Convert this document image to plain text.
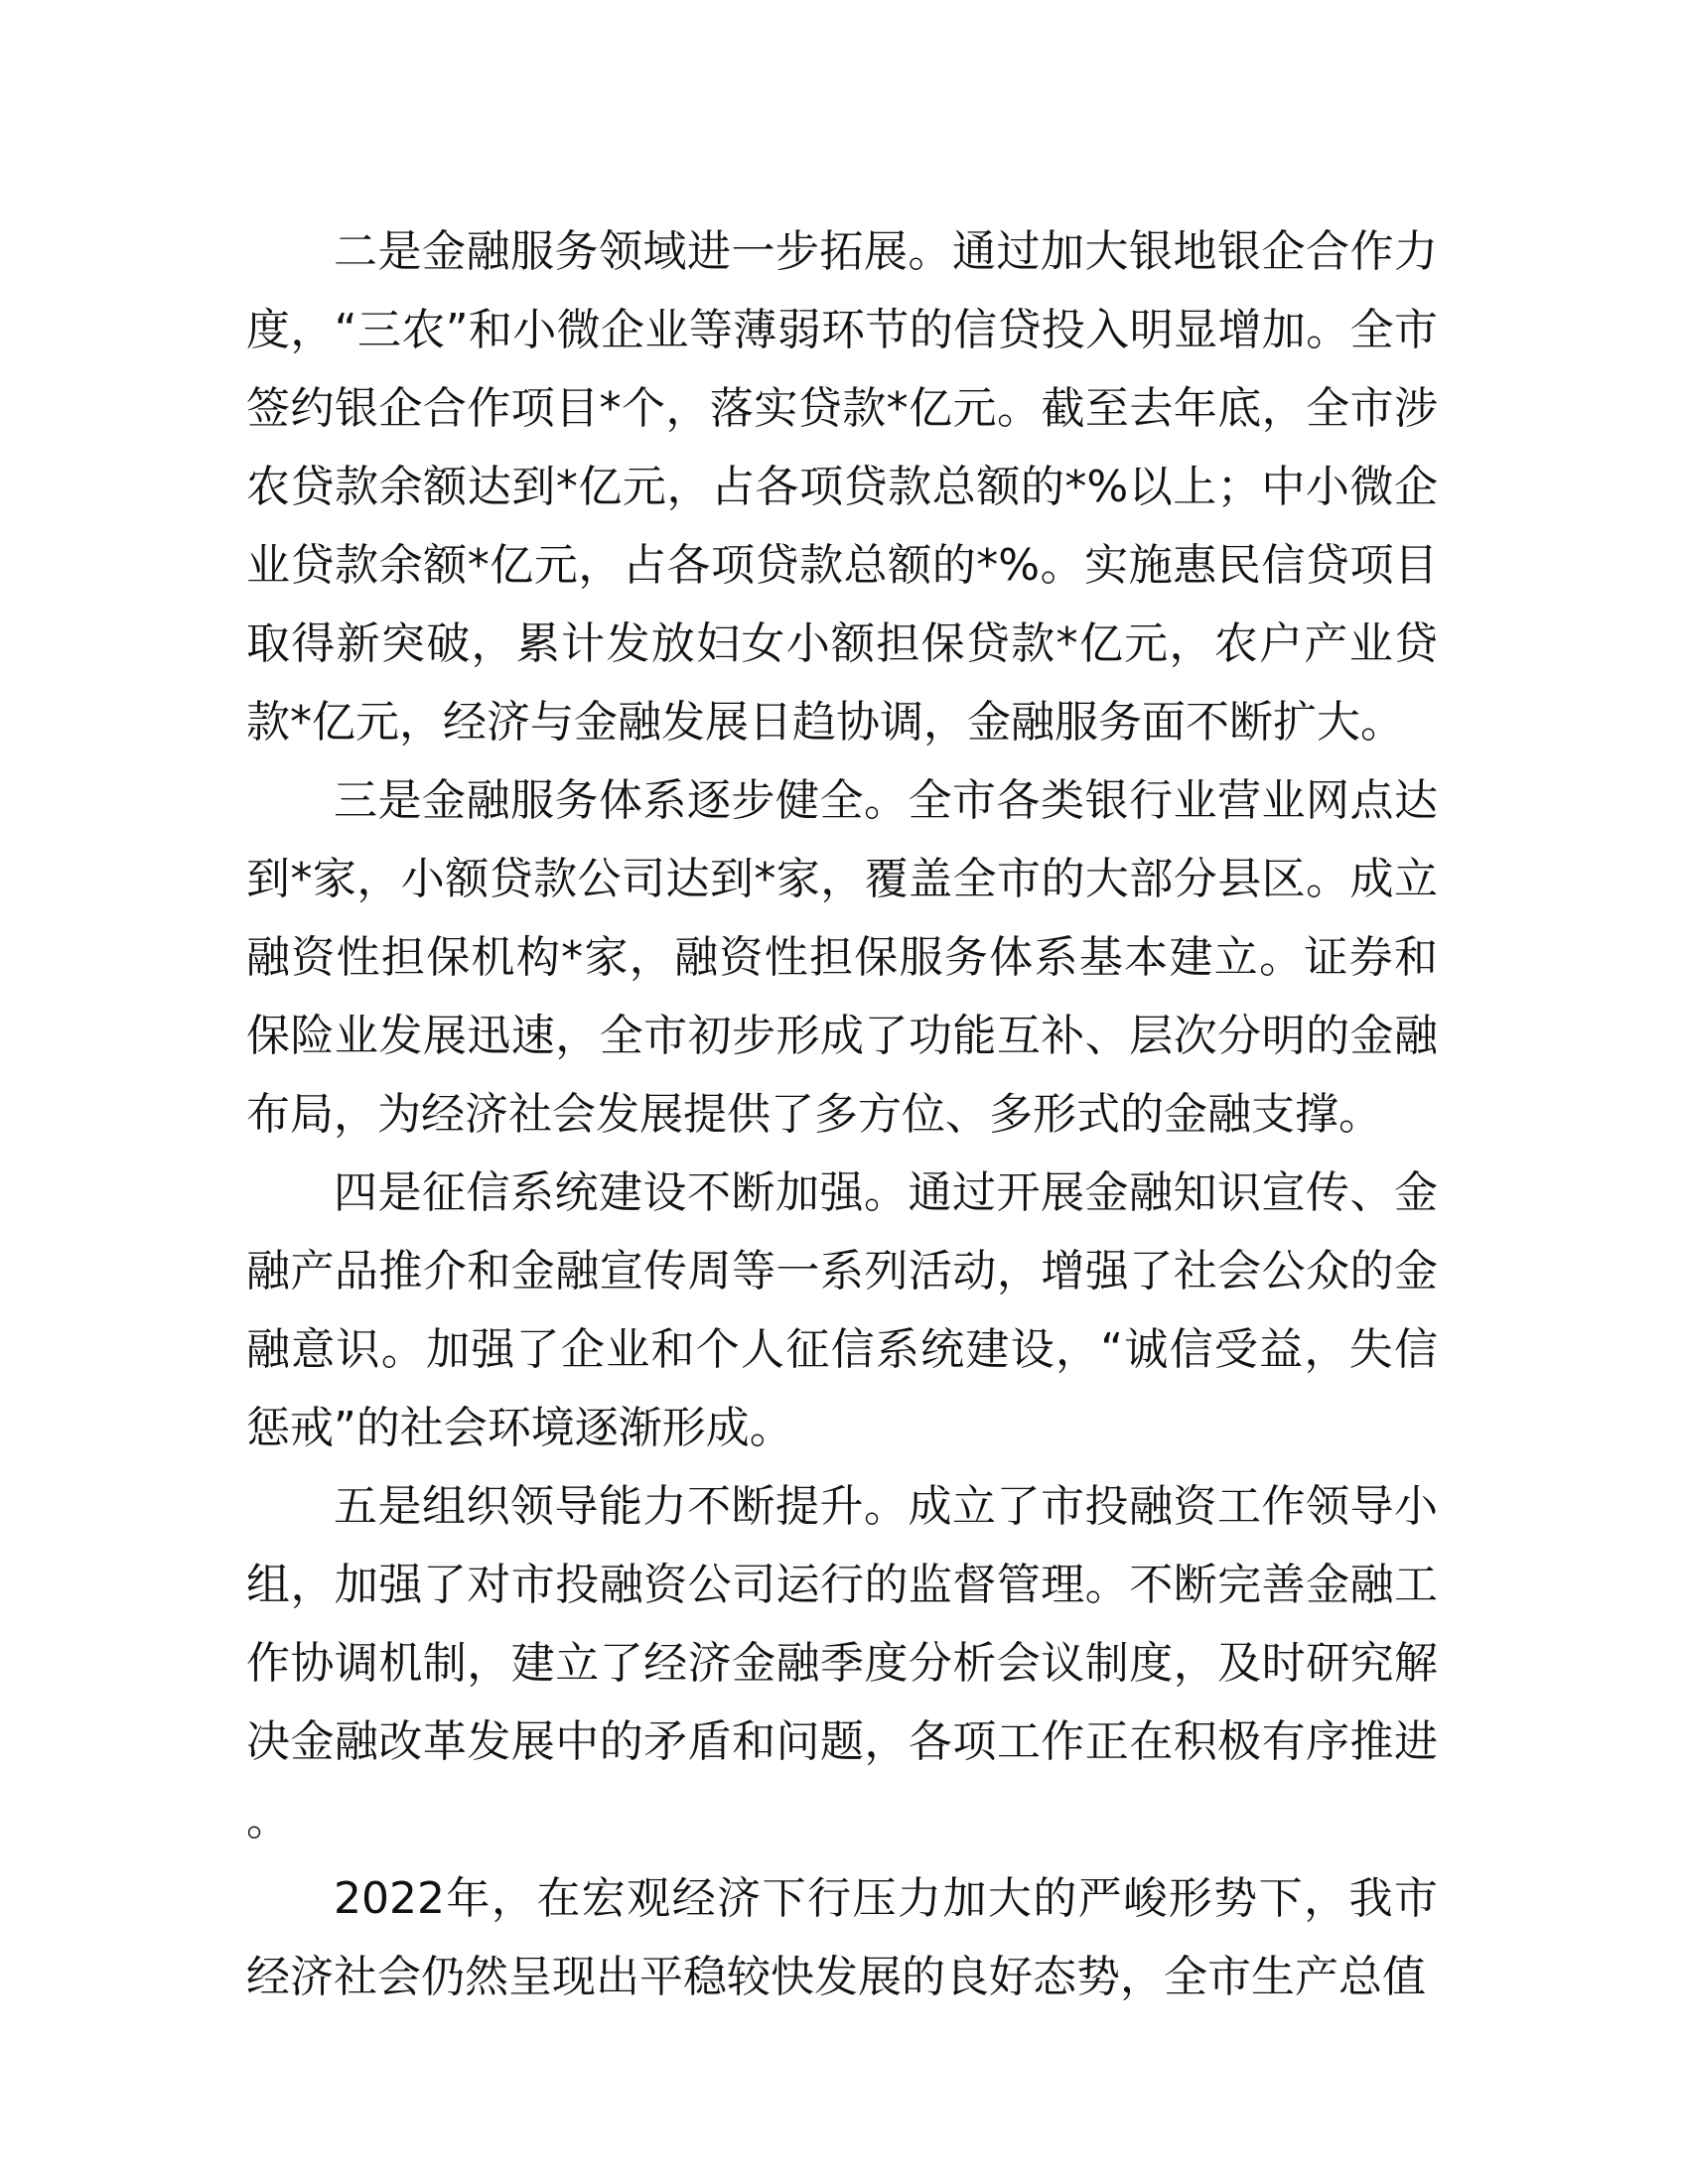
二是金融服务领域进一步拓展。通过加大银地银企合作力度，“三农”和小微企业等薄弱环节的信贷投入明显增加。全市签约银企合作项目*个，落实贷款*亿元。截至去年底，全市涉农贷款余额达到*亿元，占各项贷款总额的*%以上；中小微企业贷款余额*亿元，占各项贷款总额的*%。实施惠民信贷项目取得新突破，累计发放妇女小额担保贷款*亿元，农户产业贷款*亿元，经济与金融发展日趋协调，金融服务面不断扩大。

三是金融服务体系逐步健全。全市各类银行业营业网点达到*家，小额贷款公司达到*家，覆盖全市的大部分县区。成立融资性担保机构*家，融资性担保服务体系基本建立。证券和保险业发展迅速，全市初步形成了功能互补、层次分明的金融布局，为经济社会发展提供了多方位、多形式的金融支撑。

四是征信系统建设不断加强。通过开展金融知识宣传、金融产品推介和金融宣传周等一系列活动，增强了社会公众的金融意识。加强了企业和个人征信系统建设，“诚信受益，失信惩戒”的社会环境逐渐形成。

五是组织领导能力不断提升。成立了市投融资工作领导小组，加强了对市投融资公司运行的监督管理。不断完善金融工作协调机制，建立了经济金融季度分析会议制度，及时研究解决金融改革发展中的矛盾和问题，各项工作正在积极有序推进。

2022年，在宏观经济下行压力加大的严峻形势下，我市经济社会仍然呈现出平稳较快发展的良好态势，全市生产总值
